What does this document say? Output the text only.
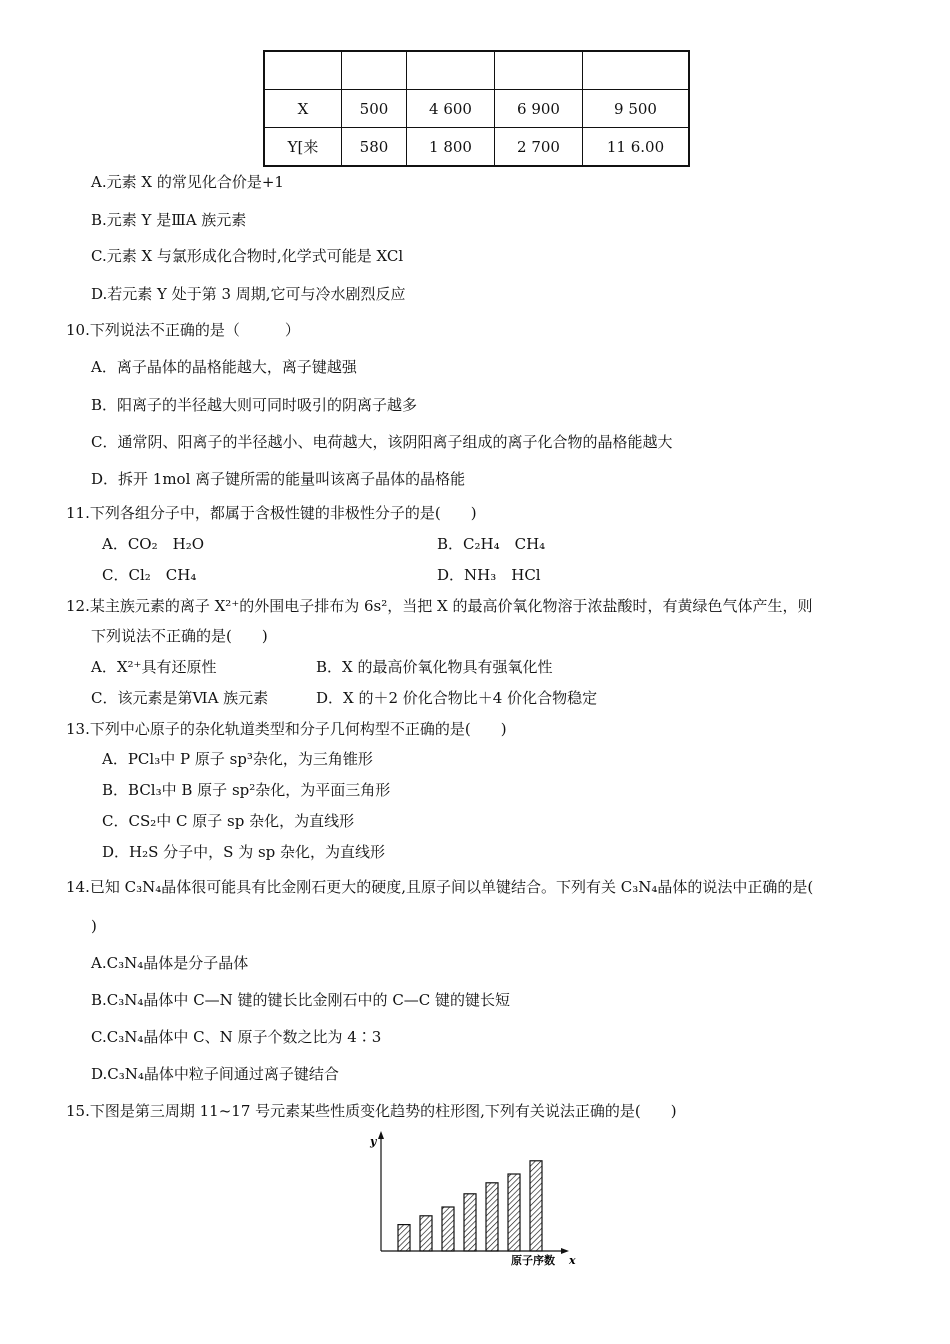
X	500	4 600	6 900	9 500
Y[来	580	1 800	2 700	11 6.00
A.元素 X 的常见化合价是+1
B.元素 Y 是ⅢA 族元素
C.元素 X 与氯形成化合物时,化学式可能是 XCl
D.若元素 Y 处于第 3 周期,它可与冷水剧烈反应
10.下列说法不正确的是（　　　）
A．离子晶体的晶格能越大，离子键越强
B．阳离子的半径越大则可同时吸引的阴离子越多
C．通常阴、阳离子的半径越小、电荷越大，该阴阳离子组成的离子化合物的晶格能越大
D．拆开 1mol 离子键所需的能量叫该离子晶体的晶格能
11.下列各组分子中，都属于含极性键的非极性分子的是(　　)
A．CO₂　H₂O	B．C₂H₄　CH₄
C．Cl₂　CH₄	D．NH₃　HCl
12.某主族元素的离子 X²⁺的外围电子排布为 6s²，当把 X 的最高价氧化物溶于浓盐酸时，有黄绿色气体产生，则
下列说法不正确的是(　　)
A．X²⁺具有还原性	B．X 的最高价氧化物具有强氧化性
C．该元素是第ⅥA 族元素	D．X 的＋2 价化合物比＋4 价化合物稳定
13.下列中心原子的杂化轨道类型和分子几何构型不正确的是(　　)
A．PCl₃中 P 原子 sp³杂化，为三角锥形
B．BCl₃中 B 原子 sp²杂化，为平面三角形
C．CS₂中 C 原子 sp 杂化，为直线形
D．H₂S 分子中，S 为 sp 杂化，为直线形
14.已知 C₃N₄晶体很可能具有比金刚石更大的硬度,且原子间以单键结合。下列有关 C₃N₄晶体的说法中正确的是(
)
A.C₃N₄晶体是分子晶体
B.C₃N₄晶体中 C—N 键的键长比金刚石中的 C—C 键的键长短
C.C₃N₄晶体中 C、N 原子个数之比为 4∶3
D.C₃N₄晶体中粒子间通过离子键结合
15.下图是第三周期 11~17 号元素某些性质变化趋势的柱形图,下列有关说法正确的是(　　)
y
原子序数 x
